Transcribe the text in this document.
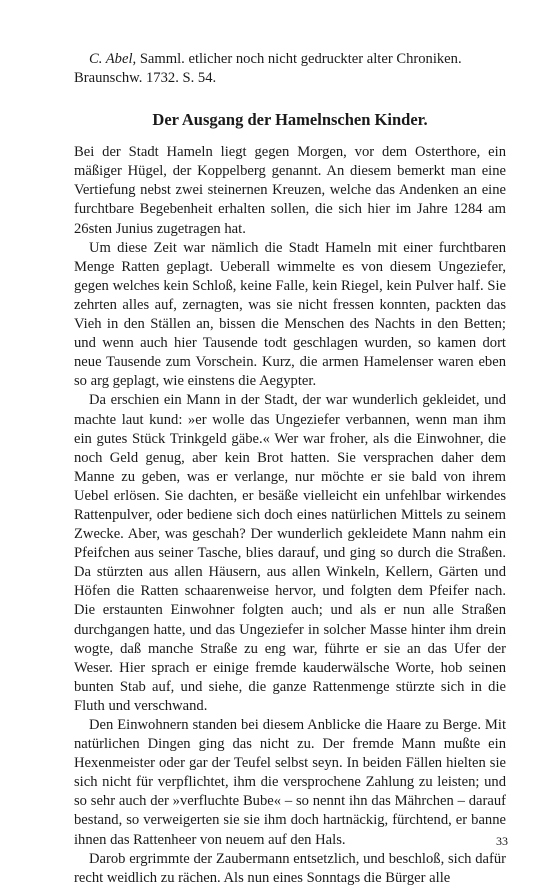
C. Abel, Samml. etlicher noch nicht gedruckter alter Chroniken. Braunschw. 1732. S. 54.

Der Ausgang der Hamelnschen Kinder.

Bei der Stadt Hameln liegt gegen Morgen, vor dem Osterthore, ein mäßiger Hügel, der Koppelberg genannt. An diesem bemerkt man eine Vertiefung nebst zwei steinernen Kreuzen, welche das Andenken an eine furchtbare Begebenheit erhalten sollen, die sich hier im Jahre 1284 am 26sten Junius zugetragen hat.

Um diese Zeit war nämlich die Stadt Hameln mit einer furchtbaren Menge Ratten geplagt. Ueberall wimmelte es von diesem Ungeziefer, gegen welches kein Schloß, keine Falle, kein Riegel, kein Pulver half. Sie zehrten alles auf, zernagten, was sie nicht fressen konnten, packten das Vieh in den Ställen an, bissen die Menschen des Nachts in den Betten; und wenn auch hier Tausende todt geschlagen wurden, so kamen dort neue Tausende zum Vorschein. Kurz, die armen Hamelenser waren eben so arg geplagt, wie einstens die Aegypter.

Da erschien ein Mann in der Stadt, der war wunderlich gekleidet, und machte laut kund: »er wolle das Ungeziefer verbannen, wenn man ihm ein gutes Stück Trinkgeld gäbe.« Wer war froher, als die Einwohner, die noch Geld genug, aber kein Brot hatten. Sie versprachen daher dem Manne zu geben, was er verlange, nur möchte er sie bald von ihrem Uebel erlösen. Sie dachten, er besäße vielleicht ein unfehlbar wirkendes Rattenpulver, oder bediene sich doch eines natürlichen Mittels zu seinem Zwecke. Aber, was geschah? Der wunderlich gekleidete Mann nahm ein Pfeifchen aus seiner Tasche, blies darauf, und ging so durch die Straßen. Da stürzten aus allen Häusern, aus allen Winkeln, Kellern, Gärten und Höfen die Ratten schaarenweise hervor, und folgten dem Pfeifer nach. Die erstaunten Einwohner folgten auch; und als er nun alle Straßen durchgangen hatte, und das Ungeziefer in solcher Masse hinter ihm drein wogte, daß manche Straße zu eng war, führte er sie an das Ufer der Weser. Hier sprach er einige fremde kauderwälsche Worte, hob seinen bunten Stab auf, und siehe, die ganze Rattenmenge stürzte sich in die Fluth und verschwand.

Den Einwohnern standen bei diesem Anblicke die Haare zu Berge. Mit natürlichen Dingen ging das nicht zu. Der fremde Mann mußte ein Hexenmeister oder gar der Teufel selbst seyn. In beiden Fällen hielten sie sich nicht für verpflichtet, ihm die versprochene Zahlung zu leisten; und so sehr auch der »verfluchte Bube« – so nennt ihn das Mährchen – darauf bestand, so verweigerten sie sie ihm doch hartnäckig, fürchtend, er banne ihnen das Rattenheer von neuem auf den Hals.

Darob ergrimmte der Zaubermann entsetzlich, und beschloß, sich dafür recht weidlich zu rächen. Als nun eines Sonntags die Bürger alle

33
